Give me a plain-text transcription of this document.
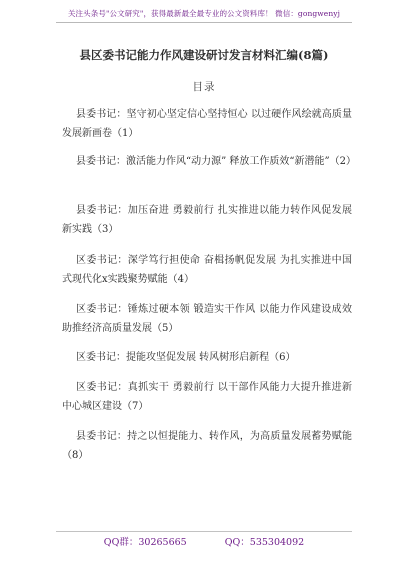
关注头条号"公文研究"，获得最新最全最专业的公文资料库！ 微信：gongwenyj
县区委书记能力作风建设研讨发言材料汇编(8篇)
目录

县委书记：坚守初心坚定信心坚持恒心 以过硬作风绘就高质量发展新画卷（1）

县委书记：激活能力作风“动力源” 释放工作质效“新潜能”（2）

县委书记：加压奋进 勇毅前行 扎实推进以能力转作风促发展新实践（3）

区委书记：深学笃行担使命 奋楫扬帆促发展 为扎实推进中国式现代化x实践聚势赋能（4）

区委书记：锤炼过硬本领 锻造实干作风 以能力作风建设成效助推经济高质量发展（5）

区委书记：提能攻坚促发展 转风树形启新程（6）

区委书记：真抓实干 勇毅前行 以干部作风能力大提升推进新中心城区建设（7）

县委书记：持之以恒提能力、转作风，为高质量发展蓄势赋能（8）

QQ群：30265665	QQ：535304092
